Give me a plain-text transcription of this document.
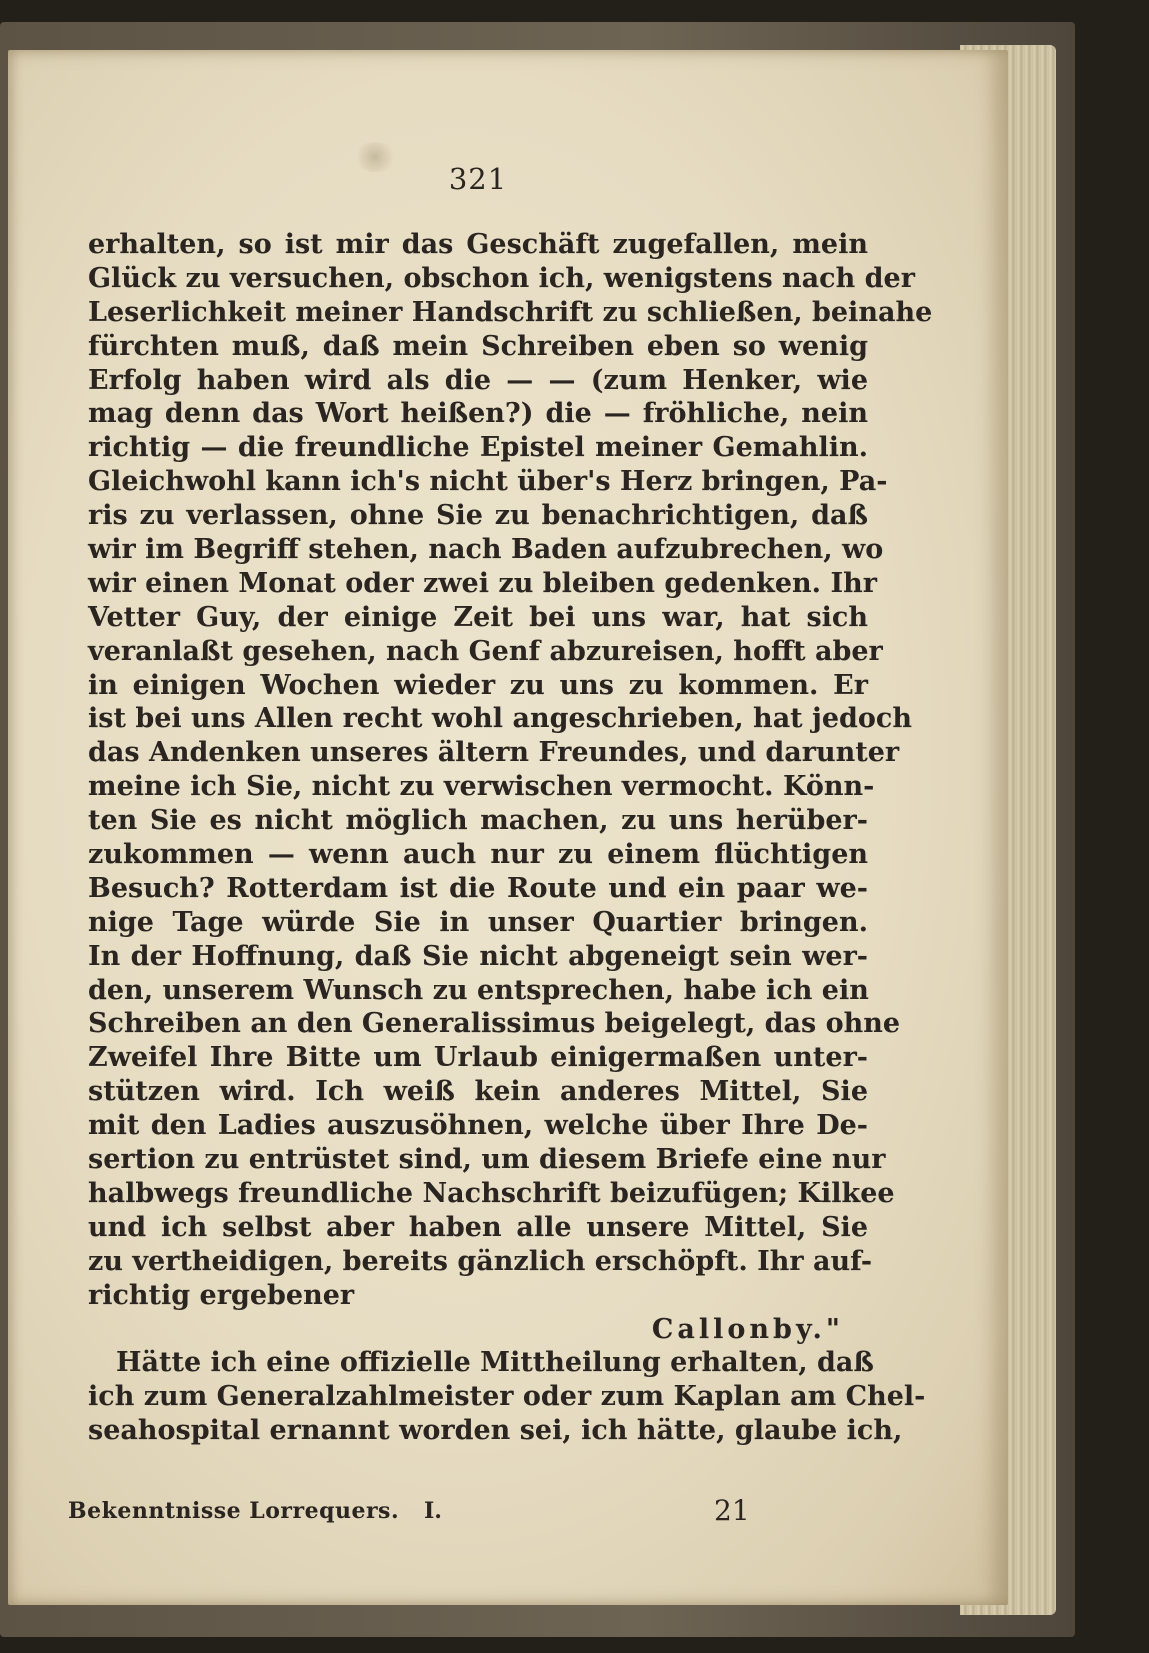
321
erhalten, so ist mir das Geschäft zugefallen, mein
Glück zu versuchen, obschon ich, wenigstens nach der
Leserlichkeit meiner Handschrift zu schließen, beinahe
fürchten muß, daß mein Schreiben eben so wenig
Erfolg haben wird als die — — (zum Henker, wie
mag denn das Wort heißen?) die — fröhliche, nein
richtig — die freundliche Epistel meiner Gemahlin.
Gleichwohl kann ich's nicht über's Herz bringen, Pa-
ris zu verlassen, ohne Sie zu benachrichtigen, daß
wir im Begriff stehen, nach Baden aufzubrechen, wo
wir einen Monat oder zwei zu bleiben gedenken. Ihr
Vetter Guy, der einige Zeit bei uns war, hat sich
veranlaßt gesehen, nach Genf abzureisen, hofft aber
in einigen Wochen wieder zu uns zu kommen. Er
ist bei uns Allen recht wohl angeschrieben, hat jedoch
das Andenken unseres ältern Freundes, und darunter
meine ich Sie, nicht zu verwischen vermocht. Könn-
ten Sie es nicht möglich machen, zu uns herüber-
zukommen — wenn auch nur zu einem flüchtigen
Besuch? Rotterdam ist die Route und ein paar we-
nige Tage würde Sie in unser Quartier bringen.
In der Hoffnung, daß Sie nicht abgeneigt sein wer-
den, unserem Wunsch zu entsprechen, habe ich ein
Schreiben an den Generalissimus beigelegt, das ohne
Zweifel Ihre Bitte um Urlaub einigermaßen unter-
stützen wird. Ich weiß kein anderes Mittel, Sie
mit den Ladies auszusöhnen, welche über Ihre De-
sertion zu entrüstet sind, um diesem Briefe eine nur
halbwegs freundliche Nachschrift beizufügen; Kilkee
und ich selbst aber haben alle unsere Mittel, Sie
zu vertheidigen, bereits gänzlich erschöpft. Ihr auf-
richtig ergebener
Callonby."
Hätte ich eine offizielle Mittheilung erhalten, daß
ich zum Generalzahlmeister oder zum Kaplan am Chel-
seahospital ernannt worden sei, ich hätte, glaube ich,
Bekenntnisse Lorrequers. I.	21
